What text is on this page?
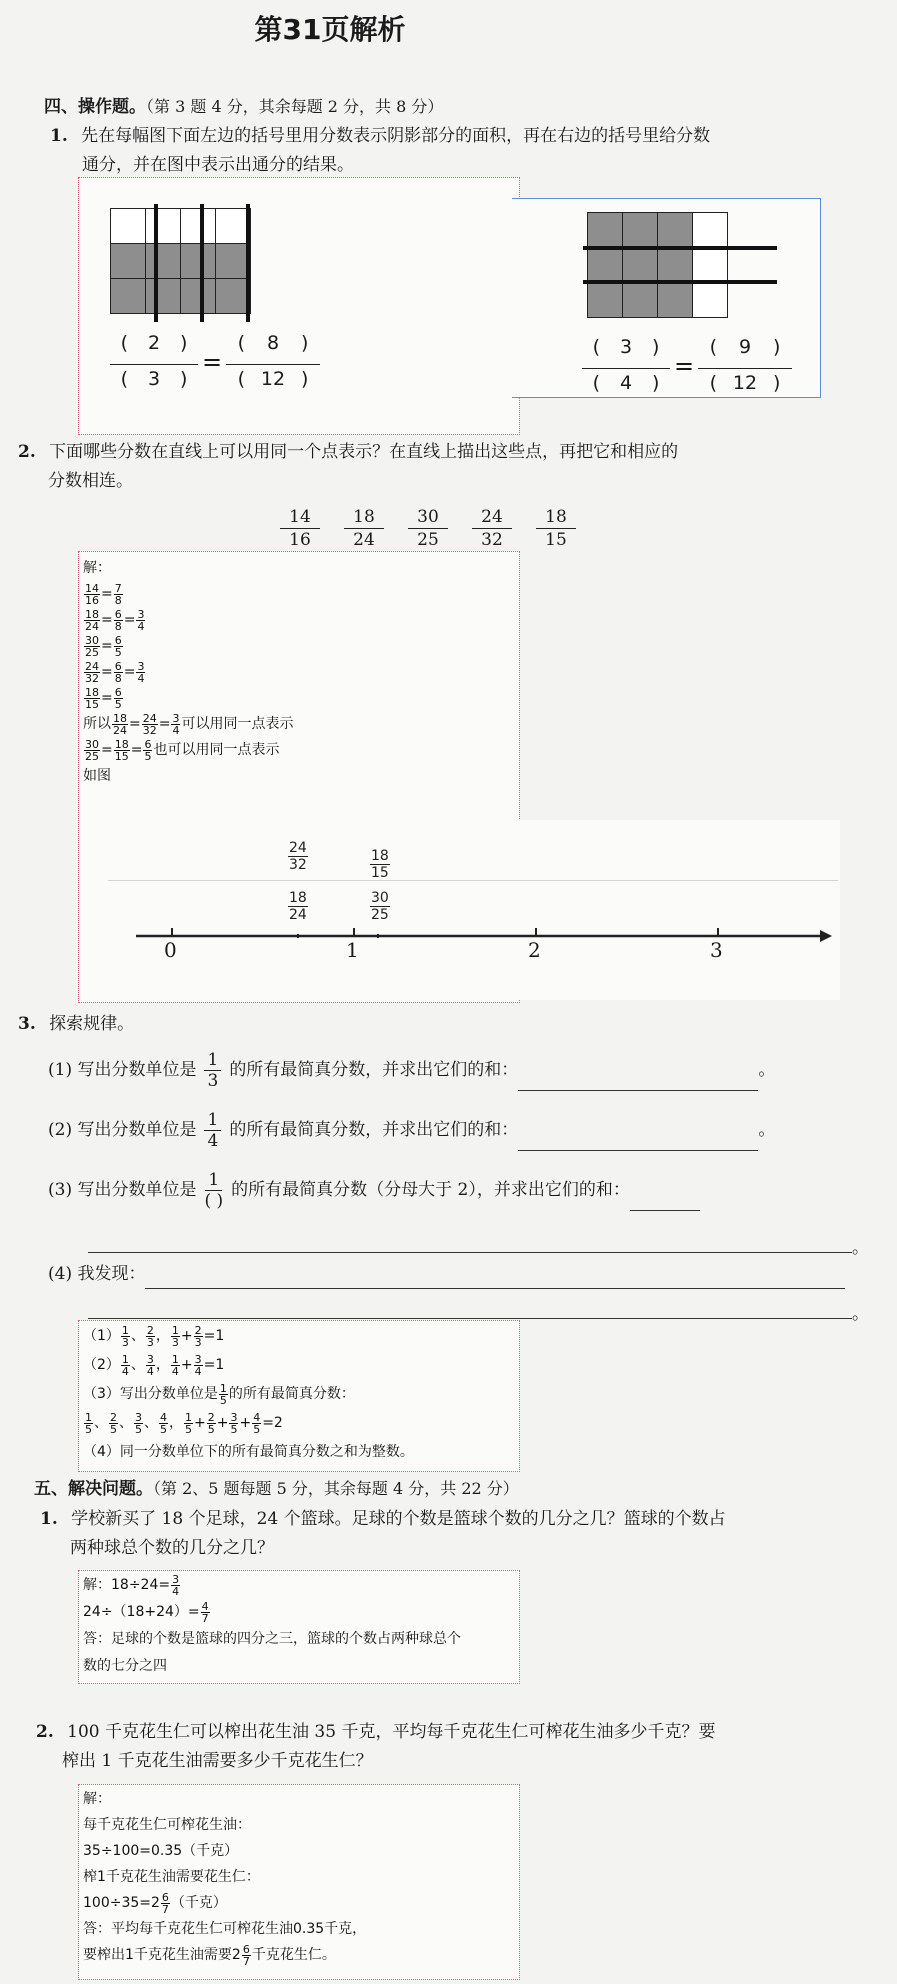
第31页解析
四、操作题。（第 3 题 4 分，其余每题 2 分，共 8 分）
1. 先在每幅图下面左边的括号里用分数表示阴影部分的面积，再在右边的括号里给分数
通分，并在图中表示出通分的结果。

( 2 )
( 3 )
=
( 8 )
( 12 )

( 3 )
( 4 )
=
( 9 )
( 12 )
2. 下面哪些分数在直线上可以用同一个点表示？在直线上描出这些点，再把它和相应的
分数相连。
14
16
18
24
30
25
24
32
18
15
解：
$\frac{14}{16} = \frac{7}{8}$
$\frac{18}{24} = \frac{6}{8} = \frac{3}{4}$
$\frac{30}{25} = \frac{6}{5}$
$\frac{24}{32} = \frac{6}{8} = \frac{3}{4}$
$\frac{18}{15} = \frac{6}{5}$
所以 $\frac{18}{24} = \frac{24}{32} = \frac{3}{4}$ 可以用同一点表示
$\frac{30}{25} = \frac{18}{15} = \frac{6}{5}$ 也可以用同一点表示
如图
0	1	2	3
$\frac{24}{32}$
$\frac{18}{24}$
$\frac{18}{15}$
$\frac{30}{25}$
3. 探索规律。
(1) 写出分数单位是 $\frac{1}{3}$ 的所有最简真分数，并求出它们的和：	。
(2) 写出分数单位是 $\frac{1}{4}$ 的所有最简真分数，并求出它们的和：	。
(3) 写出分数单位是 $\frac{1}{( )}$ 的所有最简真分数（分母大于 2），并求出它们的和：
。
(4) 我发现：
。
$(1) \frac{1}{3}$ 、 $\frac{2}{3}$ ， $\frac{1}{3} + \frac{2}{3} =1$
$(2) \frac{1}{4}$ 、 $\frac{3}{4}$ ， $\frac{1}{4} + \frac{3}{4} =1$
（3）写出分数单位是 $\frac{1}{5}$ 的所有最简真分数：
$\frac{1}{5}$ 、 $\frac{2}{5}$ 、 $\frac{3}{5}$ 、 $\frac{4}{5}$ ， $\frac{1}{5} + \frac{2}{5} + \frac{3}{5} + \frac{4}{5} =2$
（4）同一分数单位下的所有最简真分数之和为整数。
五、解决问题。（第 2、5 题每题 5 分，其余每题 4 分，共 22 分）
1. 学校新买了 18 个足球，24 个篮球。足球的个数是篮球个数的几分之几？篮球的个数占
两种球总个数的几分之几？
解：$18\div 24= \frac{3}{4}$
$24\div(18+24)= \frac{4}{7}$
答：足球的个数是篮球的四分之三，篮球的个数占两种球总个
数的七分之四
2. 100 千克花生仁可以榨出花生油 35 千克，平均每千克花生仁可榨花生油多少千克？要
榨出 1 千克花生油需要多少千克花生仁？
解：
每千克花生仁可榨花生油：
35÷100=0.35（千克）
榨1千克花生油需要花生仁：
$100\div 35=2 \frac{6}{7}$ （千克）
答：平均每千克花生仁可榨花生油0.35千克，
要榨出1千克花生油需要$2 \frac{6}{7}$ 千克花生仁。
